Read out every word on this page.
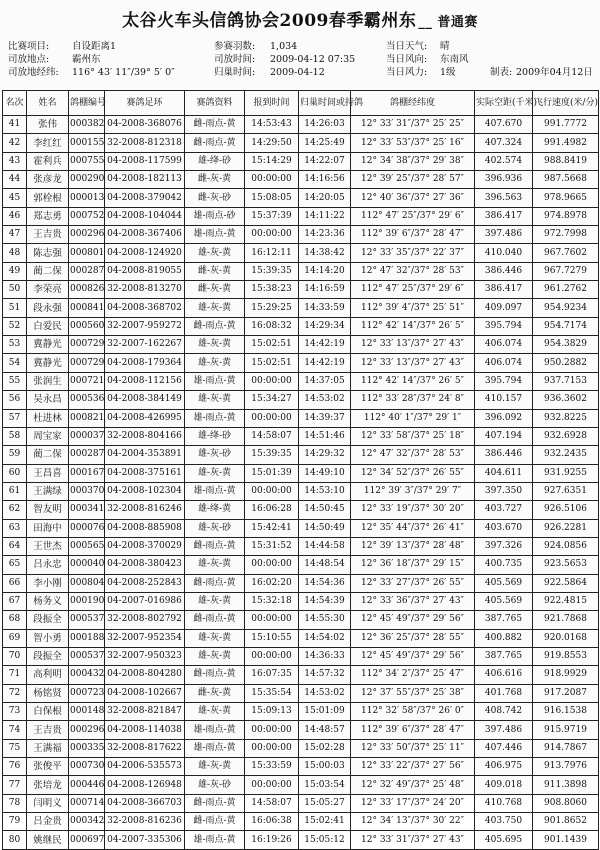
太谷火车头信鸽协会2009春季霸州东 __ 普通赛
比赛项目: 自设距离1	参赛羽数: 1,034	当日天气: 晴
司放地点: 霸州东	司放时间: 2009-04-12 07:35	当日风向: 东南风
司放地经纬: 116° 43′ 11″/39° 5′ 0″	归巢时间: 2009-04-12	当日风力: 1级	制表: 2009年04月12日
名次	姓名	鸽棚编号	赛鸽足环	赛鸽资料	报到时间	归巢时间或持鸽	鸽棚经纬度	实际空距(千米)	飞行速度(米/分)
41	张伟	000382	04-2008-368076	雌-雨点-黄	14:53:43	14:26:03	12° 33′ 31″/37° 25′ 25″	407.670	991.7772
42	李红红	000155	32-2008-812318	雌-雨点-黄	14:29:50	14:25:49	12° 33′ 53″/37° 25′ 16″	407.324	991.4982
43	霍利兵	000755	04-2008-117599	雄-绛-砂	15:14:29	14:22:07	12° 34′ 38″/37° 29′ 38″	402.574	988.8419
44	张彦龙	000290	04-2008-182113	雌-灰-黄	00:00:00	14:16:56	12° 39′ 25″/37° 28′ 57″	396.936	987.5668
45	郭栓根	000013	04-2008-379042	雌-灰-砂	15:08:05	14:20:05	12° 40′ 36″/37° 27′ 36″	396.563	978.9665
46	郑志勇	000752	04-2008-104044	雄-雨点-砂	15:37:39	14:11:22	112° 47′ 25″/37° 29′ 6″	386.417	974.8978
47	王吉贵	000296	04-2008-367406	雄-雨点-黄	00:00:00	14:23:36	112° 39′ 6″/37° 28′ 47″	397.486	972.7998
48	陈志强	000801	04-2008-124920	雄-灰-黄	16:12:11	14:38:42	12° 33′ 35″/37° 22′ 37″	410.040	967.7602
49	蔺二保	000287	04-2008-819055	雌-灰-黄	15:39:35	14:14:20	12° 47′ 32″/37° 28′ 53″	386.446	967.7279
50	李荣亮	000826	32-2008-813270	雌-灰-黄	15:38:23	14:16:59	112° 47′ 25″/37° 29′ 6″	386.417	961.2762
51	段永强	000841	04-2008-368702	雄-灰-黄	15:29:25	14:33:59	112° 39′ 4″/37° 25′ 51″	409.097	954.9234
52	白爱民	000560	32-2007-959272	雌-雨点-黄	16:08:32	14:29:34	112° 42′ 14″/37° 26′ 5″	395.794	954.7174
53	冀静光	000729	32-2007-162267	雄-灰-黄	15:02:51	14:42:19	12° 33′ 13″/37° 27′ 43″	406.074	954.3829
54	冀静光	000729	04-2008-179364	雄-灰-黄	15:02:51	14:42:19	12° 33′ 13″/37° 27′ 43″	406.074	950.2882
55	张润生	000721	04-2008-112156	雄-雨点-黄	00:00:00	14:37:05	112° 42′ 14″/37° 26′ 5″	395.794	937.7153
56	吴永昌	000536	04-2008-384149	雄-灰-黄	15:34:27	14:53:02	112° 33′ 28″/37° 24′ 8″	410.157	936.3602
57	杜进林	000821	04-2008-426995	雄-雨点-黄	00:00:00	14:39:37	112° 40′ 1″/37° 29′ 1″	396.092	932.8225
58	周宝家	000037	32-2008-804166	雄-绛-砂	14:58:07	14:51:46	12° 33′ 58″/37° 25′ 18″	407.194	932.6928
59	蔺二保	000287	04-2004-353891	雄-灰-砂	15:39:35	14:29:32	12° 47′ 32″/37° 28′ 53″	386.446	932.2435
60	王昌喜	000167	04-2008-375161	雄-灰-黄	15:01:39	14:49:10	12° 34′ 52″/37° 26′ 55″	404.611	931.9255
61	王满绿	000370	04-2008-102304	雄-雨点-黄	00:00:00	14:53:10	112° 39′ 3″/37° 29′ 7″	397.350	927.6351
62	智友明	000341	32-2008-816246	雄-绛-黄	16:06:28	14:50:45	12° 33′ 19″/37° 30′ 20″	403.727	926.5106
63	田海中	000076	04-2008-885908	雄-灰-砂	15:42:41	14:50:49	12° 35′ 44″/37° 26′ 41″	403.670	926.2281
64	王世杰	000565	04-2008-370029	雌-雨点-黄	15:31:52	14:44:58	12° 39′ 13″/37° 28′ 48″	397.326	924.0856
65	吕永忠	000040	04-2008-380423	雄-灰-黄	00:00:00	14:48:54	12° 36′ 18″/37° 29′ 15″	400.735	923.5653
66	李小刚	000804	04-2008-252843	雌-雨点-黄	16:02:20	14:54:36	12° 33′ 27″/37° 26′ 55″	405.569	922.5864
67	杨务义	000190	04-2007-016986	雄-灰-黄	15:32:18	14:54:39	12° 33′ 36″/37° 27′ 43″	405.569	922.4815
68	段振全	000537	32-2008-802792	雌-雨点-黄	00:00:00	14:55:30	12° 45′ 49″/37° 29′ 56″	387.765	921.7868
69	智小勇	000188	32-2007-952354	雄-灰-黄	15:10:55	14:54:02	12° 36′ 25″/37° 28′ 55″	400.882	920.0168
70	段振全	000537	32-2007-950323	雄-灰-黄	00:00:00	14:36:33	12° 45′ 49″/37° 29′ 56″	387.765	919.8553
71	高利明	000432	04-2008-804280	雌-雨点-黄	16:07:35	14:57:32	112° 34′ 2″/37° 25′ 47″	406.616	918.9929
72	杨铭贤	000723	04-2008-102667	雌-灰-黄	15:35:54	14:53:02	12° 37′ 55″/37° 25′ 38″	401.768	917.2087
73	白保根	000148	32-2008-821847	雄-灰-黄	15:09:13	15:01:09	112° 32′ 58″/37° 26′ 0″	408.742	916.1538
74	王吉贵	000296	04-2008-114038	雄-雨点-黄	00:00:00	14:48:57	112° 39′ 6″/37° 28′ 47″	397.486	915.9719
75	王满福	000335	32-2008-817622	雄-雨点-黄	00:00:00	15:02:28	12° 33′ 50″/37° 25′ 11″	407.446	914.7867
76	张俊平	000730	04-2006-535573	雄-灰-黄	15:33:59	15:00:03	12° 33′ 22″/37° 27′ 56″	406.975	913.7976
77	张培龙	000446	04-2008-126948	雄-灰-砂	00:00:00	15:03:54	12° 32′ 49″/37° 25′ 48″	409.018	911.3898
78	闫明义	000714	04-2008-366703	雌-雨点-黄	14:58:07	15:05:27	12° 33′ 17″/37° 24′ 20″	410.768	908.8060
79	吕金贵	000342	32-2008-816236	雌-雨点-黄	16:06:38	15:02:41	12° 34′ 13″/37° 30′ 22″	403.750	901.8652
80	姚继民	000697	04-2007-335306	雄-雨点-黄	16:19:26	15:05:12	12° 33′ 31″/37° 27′ 43″	405.695	901.1439
